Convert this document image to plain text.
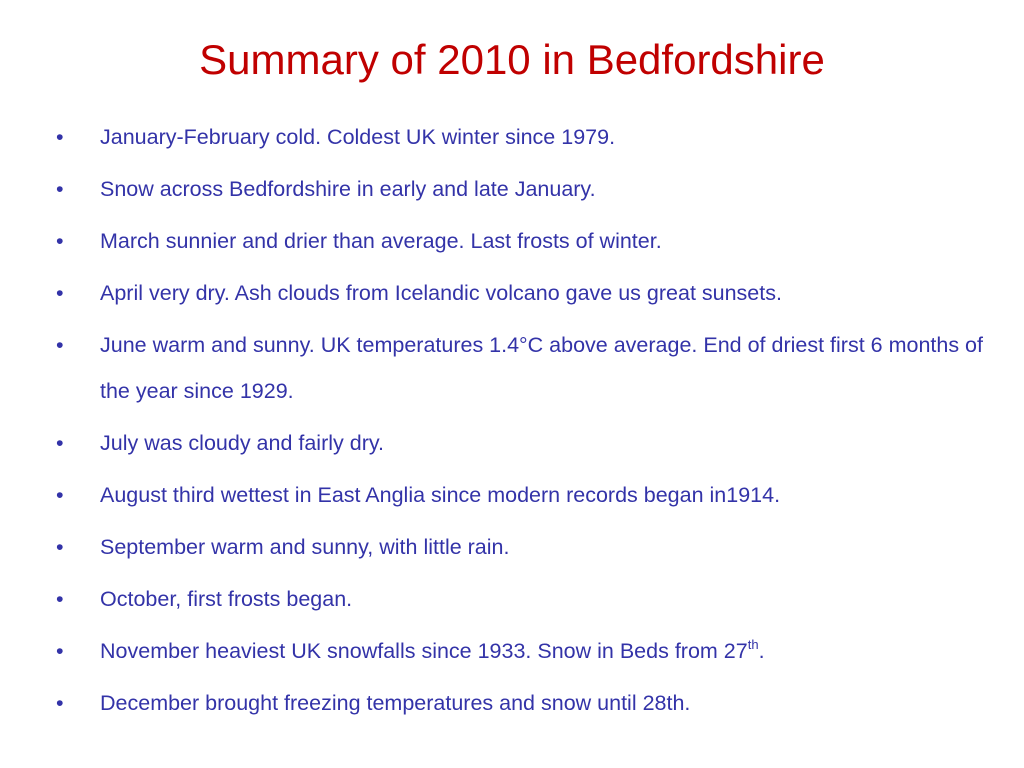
Summary of 2010 in Bedfordshire
•	January-February cold. Coldest UK winter since 1979.
•	Snow across Bedfordshire in early and late January.
•	March sunnier and drier than average. Last frosts of winter.
•	April very dry. Ash clouds from Icelandic volcano gave us great sunsets.
•	June warm and sunny. UK temperatures 1.4°C above average. End of driest first 6 months of the year since 1929.
•	July was cloudy and fairly dry.
•	August third wettest in East Anglia since modern records began in1914.
•	September warm and sunny, with little rain.
•	October, first frosts began.
•	November heaviest UK snowfalls since 1933. Snow in Beds from 27th.
•	December brought freezing temperatures and snow until 28th.
